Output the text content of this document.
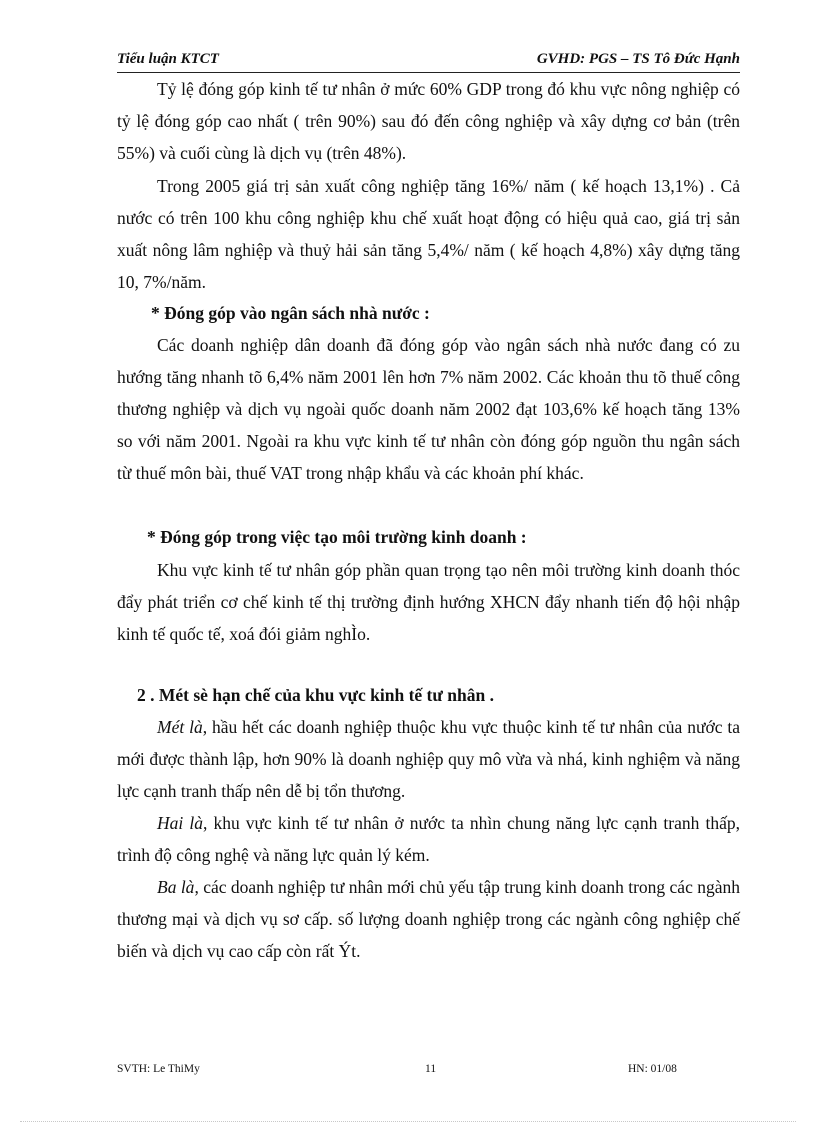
Tiểu luận KTCT	GVHD: PGS – TS Tô Đức Hạnh
Tỷ lệ đóng góp kinh tế tư nhân ở mức 60% GDP trong đó khu vực nông nghiệp có tỷ lệ đóng góp cao nhất ( trên 90%) sau đó đến công nghiệp và xây dựng cơ bản (trên 55%) và cuối cùng là dịch vụ (trên 48%).
Trong 2005 giá trị sản xuất công nghiệp tăng 16%/ năm ( kế hoạch 13,1%) . Cả nước có trên 100 khu công nghiệp khu chế xuất hoạt động có hiệu quả cao, giá trị sản xuất nông lâm nghiệp và thuỷ hải sản tăng 5,4%/ năm ( kế hoạch 4,8%) xây dựng tăng 10, 7%/năm.
* Đóng góp vào ngân sách nhà nước :
Các doanh nghiệp dân doanh đã đóng góp vào ngân sách nhà nước đang có zu hướng tăng nhanh tõ 6,4% năm 2001 lên hơn 7% năm 2002. Các khoản thu tõ thuế công thương nghiệp và dịch vụ ngoài quốc doanh năm 2002 đạt 103,6% kế hoạch tăng 13% so với năm 2001. Ngoài ra khu vực kinh tế tư nhân còn đóng góp nguồn thu ngân sách từ thuế môn bài, thuế VAT trong nhập khẩu và các khoản phí khác.
* Đóng góp trong việc tạo môi trường kinh doanh :
Khu vực kinh tế tư nhân góp phần quan trọng tạo nên môi trường kinh doanh thóc đẩy phát triển cơ chế kinh tế thị trường định hướng XHCN đẩy nhanh tiến độ hội nhập kinh tế quốc tế, xoá đói giảm nghÌo.
2 . Mét sè hạn chế của khu vực kinh tế tư nhân .
Mét là, hầu hết các doanh nghiệp thuộc khu vực thuộc kinh tế tư nhân của nước ta mới được thành lập, hơn 90% là doanh nghiệp quy mô vừa và nhá, kinh nghiệm và năng lực cạnh tranh thấp nên dễ bị tổn thương.
Hai là, khu vực kinh tế tư nhân ở nước ta nhìn chung năng lực cạnh tranh thấp, trình độ công nghệ và năng lực quản lý kém.
Ba là, các doanh nghiệp tư nhân mới chủ yếu tập trung kinh doanh trong các ngành thương mại và dịch vụ sơ cấp. số lượng doanh nghiệp trong các ngành công nghiệp chế biến và dịch vụ cao cấp còn rất Ýt.
SVTH: Le ThiMy	11	HN: 01/08
